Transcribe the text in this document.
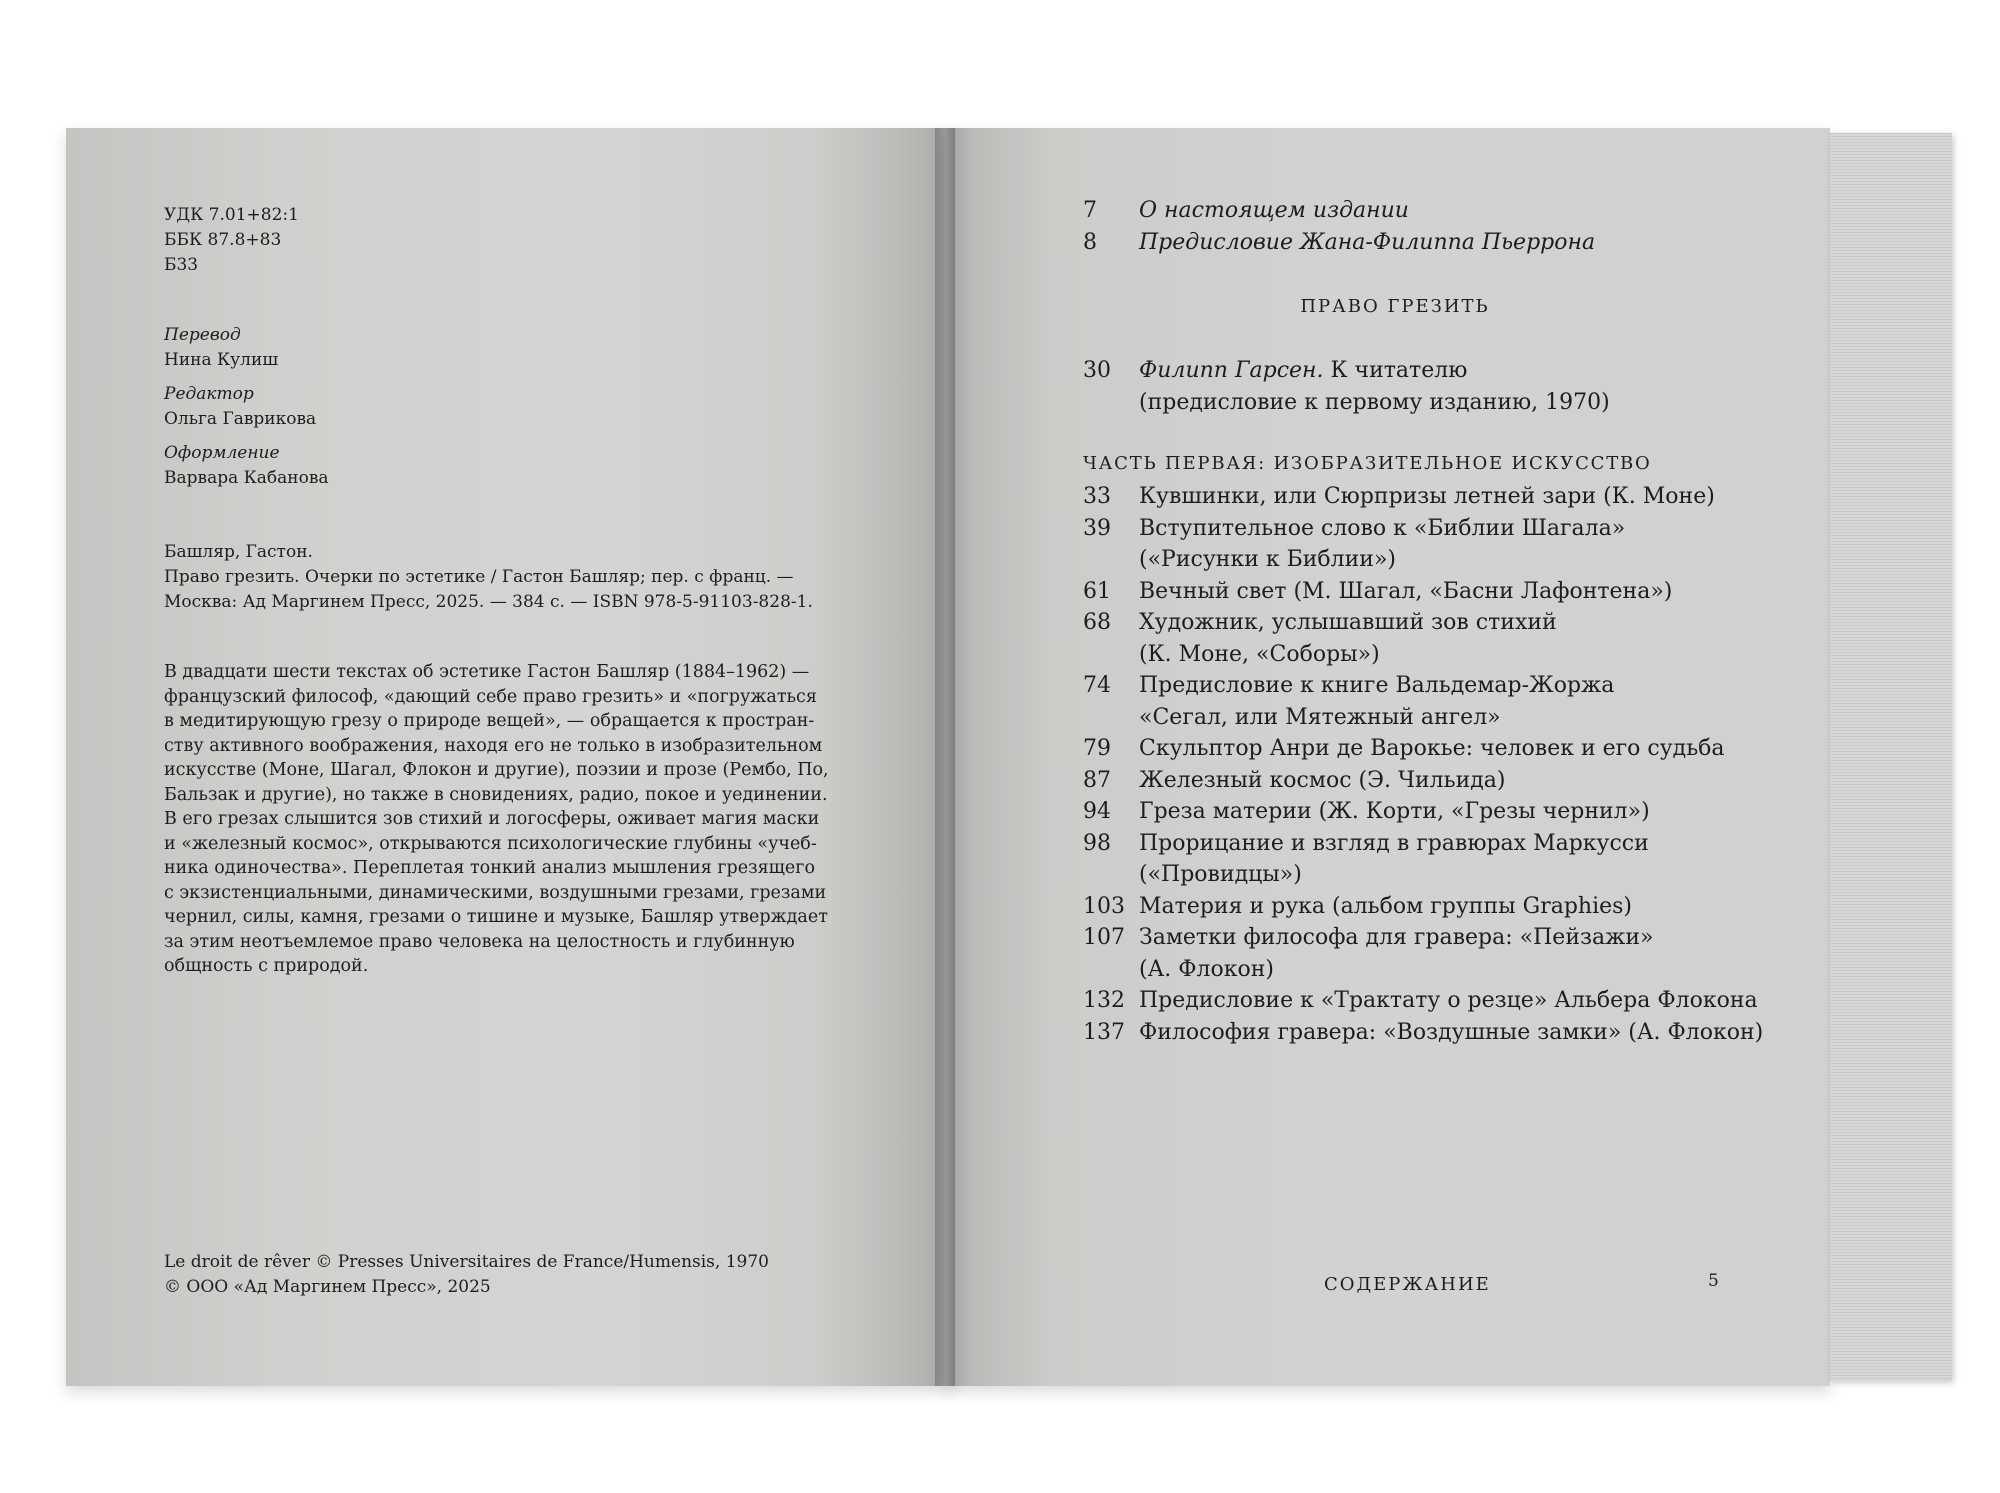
УДК 7.01+82:1
ББК 87.8+83
Б33
Перевод
Нина Кулиш
Редактор
Ольга Гаврикова
Оформление
Варвара Кабанова
Башляр, Гастон.
Право грезить. Очерки по эстетике / Гастон Башляр; пер. с франц. —
Москва: Ад Маргинем Пресс, 2025. — 384 с. — ISBN 978-5-91103-828-1.
В двадцати шести текстах об эстетике Гастон Башляр (1884–1962) —
французский философ, «дающий себе право грезить» и «погружаться
в медитирующую грезу о природе вещей», — обращается к простран-
ству активного воображения, находя его не только в изобразительном
искусстве (Моне, Шагал, Флокон и другие), поэзии и прозе (Рембо, По,
Бальзак и другие), но также в сновидениях, радио, покое и уединении.
В его грезах слышится зов стихий и логосферы, оживает магия маски
и «железный космос», открываются психологические глубины «учеб-
ника одиночества». Переплетая тонкий анализ мышления грезящего
с экзистенциальными, динамическими, воздушными грезами, грезами
чернил, силы, камня, грезами о тишине и музыке, Башляр утверждает
за этим неотъемлемое право человека на целостность и глубинную
общность с природой.
Le droit de rêver © Presses Universitaires de France/Humensis, 1970
© ООО «Ад Маргинем Пресс», 2025
7 О настоящем издании
8 Предисловие Жана-Филиппа Пьеррона
ПРАВО ГРЕЗИТЬ
30 Филипп Гарсен. К читателю
(предисловие к первому изданию, 1970)
ЧАСТЬ ПЕРВАЯ: ИЗОБРАЗИТЕЛЬНОЕ ИСКУССТВО
33 Кувшинки, или Сюрпризы летней зари (К. Моне)
39 Вступительное слово к «Библии Шагала»
(«Рисунки к Библии»)
61 Вечный свет (М. Шагал, «Басни Лафонтена»)
68 Художник, услышавший зов стихий
(К. Моне, «Соборы»)
74 Предисловие к книге Вальдемар-Жоржа
«Сегал, или Мятежный ангел»
79 Скульптор Анри де Варокье: человек и его судьба
87 Железный космос (Э. Чильида)
94 Греза материи (Ж. Корти, «Грезы чернил»)
98 Прорицание и взгляд в гравюрах Маркусси
(«Провидцы»)
103 Материя и рука (альбом группы Graphies)
107 Заметки философа для гравера: «Пейзажи»
(А. Флокон)
132 Предисловие к «Трактату о резце» Альбера Флокона
137 Философия гравера: «Воздушные замки» (А. Флокон)
СОДЕРЖАНИЕ	5
